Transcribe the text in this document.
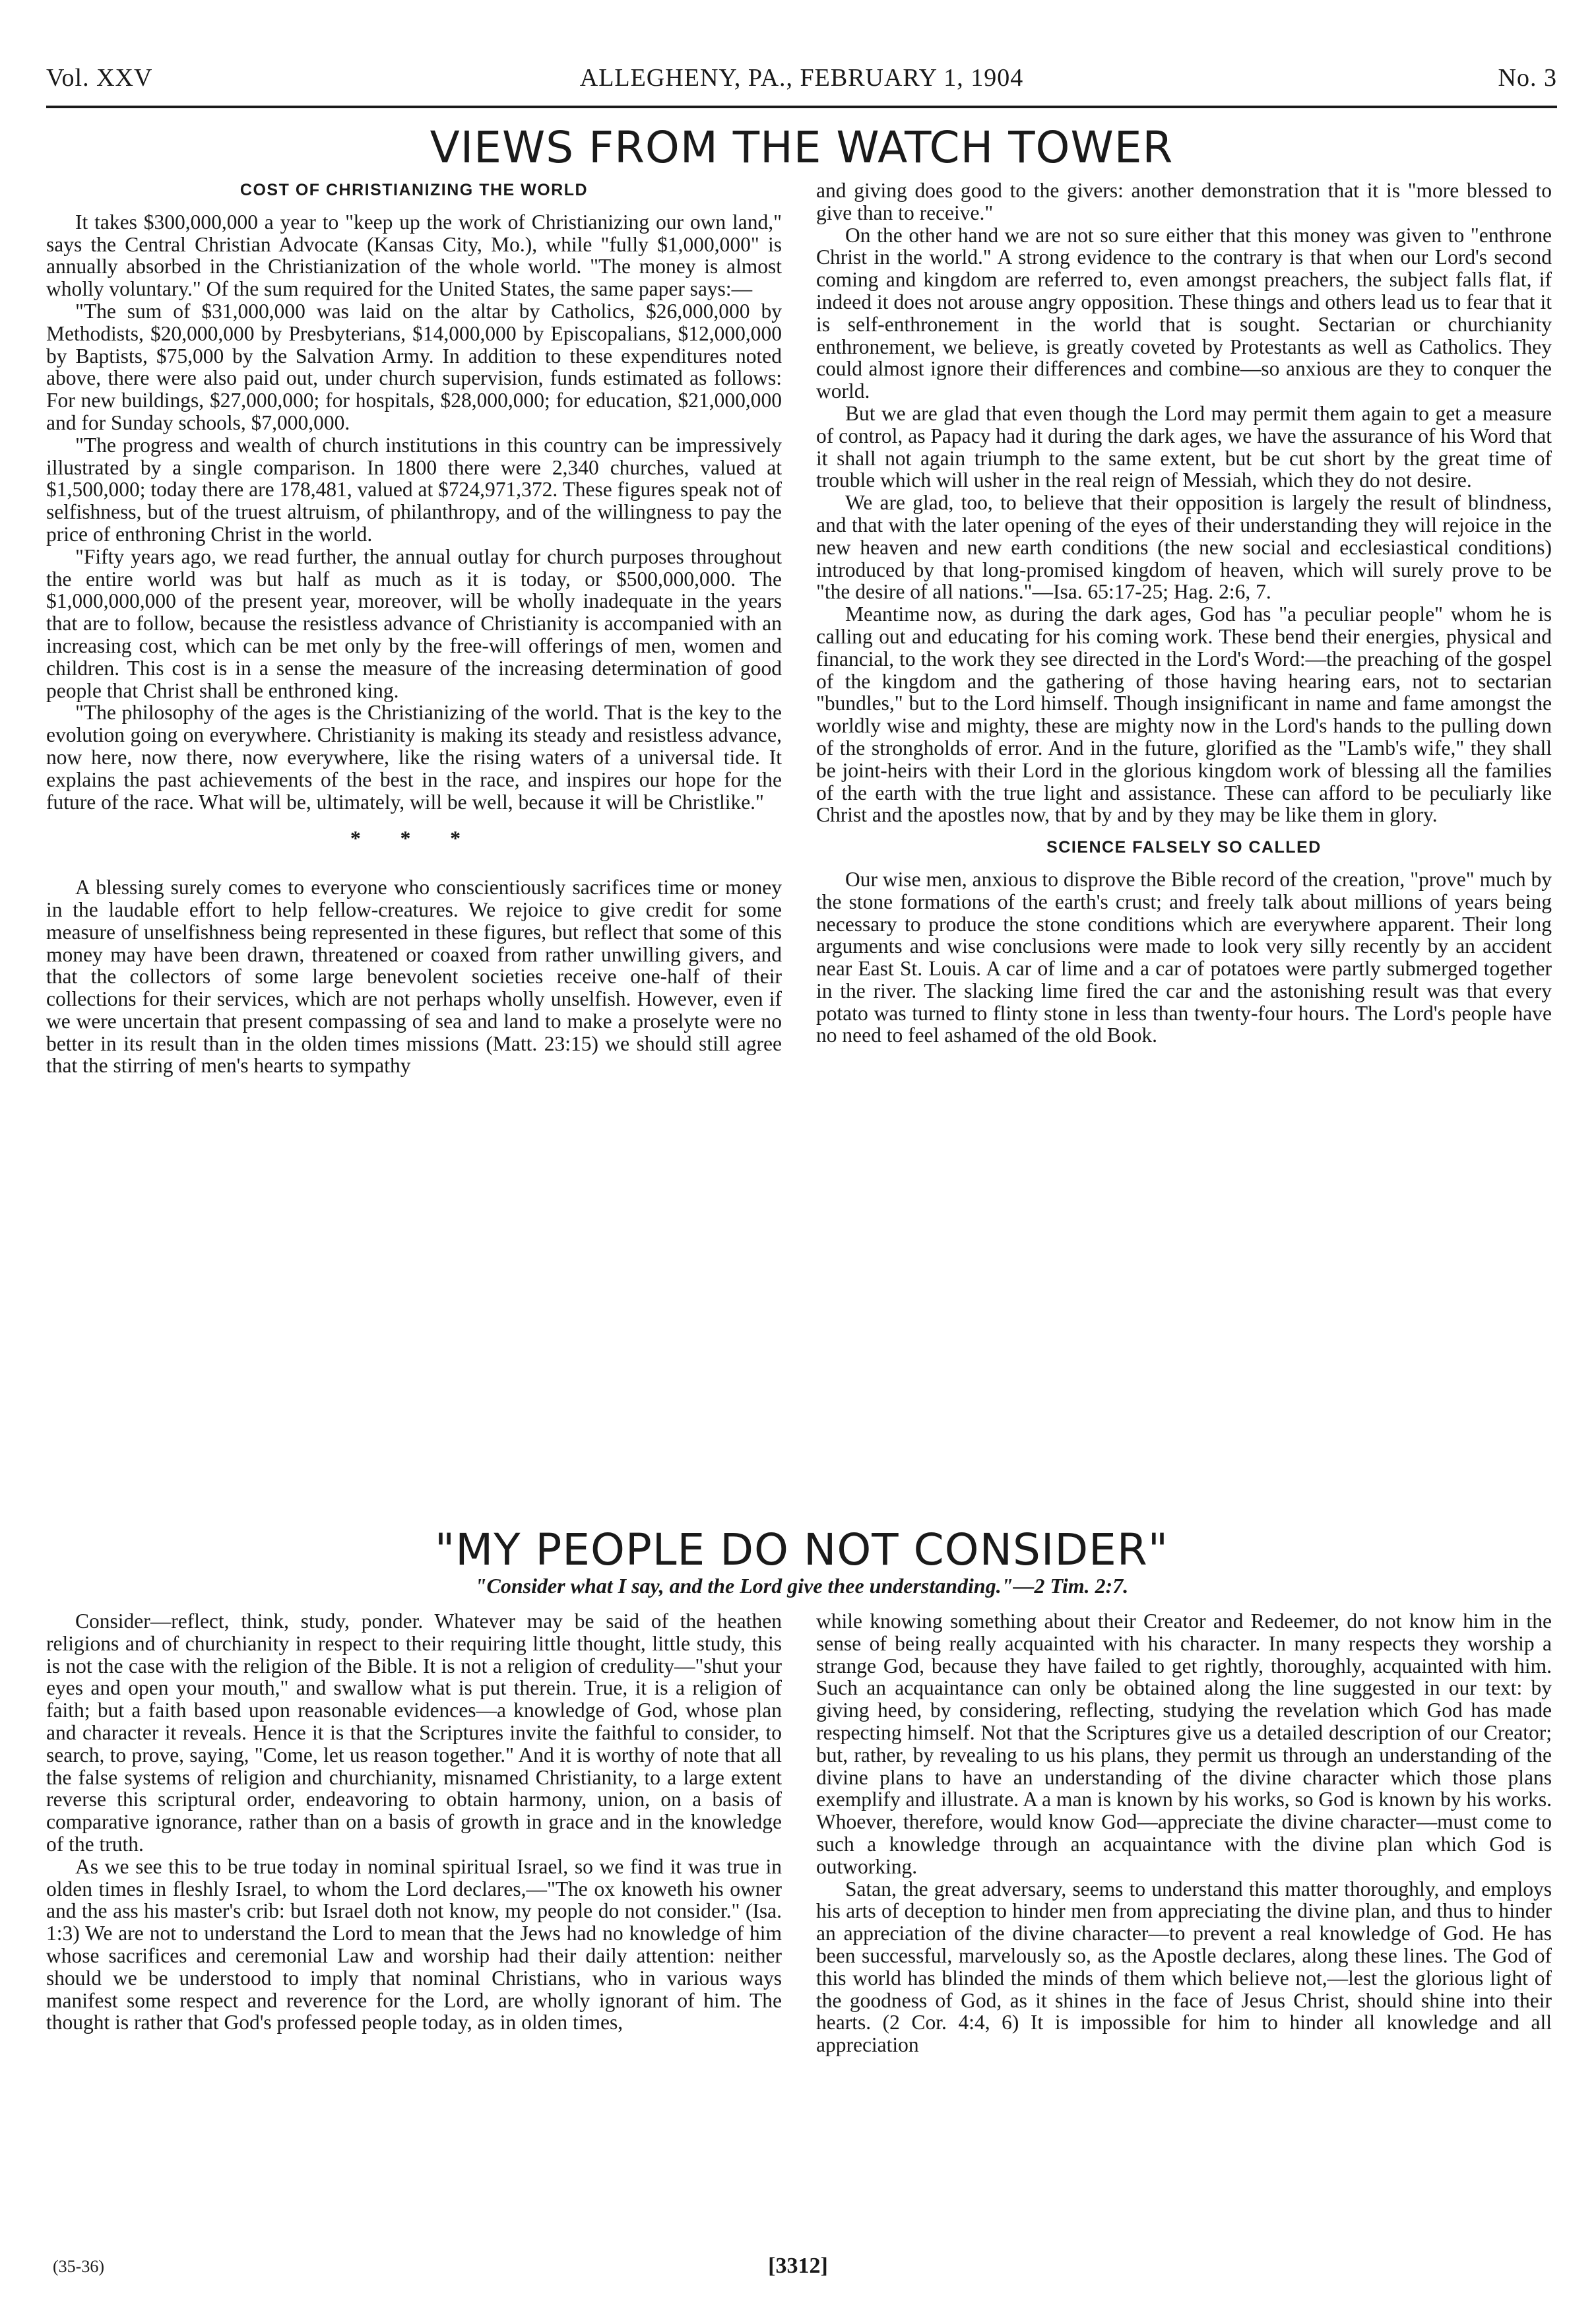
Vol. XXV	ALLEGHENY, PA., FEBRUARY 1, 1904	No. 3
VIEWS FROM THE WATCH TOWER
COST OF CHRISTIANIZING THE WORLD

It takes $300,000,000 a year to "keep up the work of Christianizing our own land," says the Central Christian Advocate (Kansas City, Mo.), while "fully $1,000,000" is annually absorbed in the Christianization of the whole world. "The money is almost wholly voluntary." Of the sum required for the United States, the same paper says:—

"The sum of $31,000,000 was laid on the altar by Catholics, $26,000,000 by Methodists, $20,000,000 by Presbyterians, $14,000,000 by Episcopalians, $12,000,000 by Baptists, $75,000 by the Salvation Army. In addition to these expenditures noted above, there were also paid out, under church supervision, funds estimated as follows: For new buildings, $27,000,000; for hospitals, $28,000,000; for education, $21,000,000 and for Sunday schools, $7,000,000.

"The progress and wealth of church institutions in this country can be impressively illustrated by a single comparison. In 1800 there were 2,340 churches, valued at $1,500,000; today there are 178,481, valued at $724,971,372. These figures speak not of selfishness, but of the truest altruism, of philanthropy, and of the willingness to pay the price of enthroning Christ in the world.

"Fifty years ago, we read further, the annual outlay for church purposes throughout the entire world was but half as much as it is today, or $500,000,000. The $1,000,000,000 of the present year, moreover, will be wholly inadequate in the years that are to follow, because the resistless advance of Christianity is accompanied with an increasing cost, which can be met only by the free-will offerings of men, women and children. This cost is in a sense the measure of the increasing determination of good people that Christ shall be enthroned king.

"The philosophy of the ages is the Christianizing of the world. That is the key to the evolution going on everywhere. Christianity is making its steady and resistless advance, now here, now there, now everywhere, like the rising waters of a universal tide. It explains the past achievements of the best in the race, and inspires our hope for the future of the race. What will be, ultimately, will be well, because it will be Christlike."

* * *

A blessing surely comes to everyone who conscientiously sacrifices time or money in the laudable effort to help fellow-creatures. We rejoice to give credit for some measure of unselfishness being represented in these figures, but reflect that some of this money may have been drawn, threatened or coaxed from rather unwilling givers, and that the collectors of some large benevolent societies receive one-half of their collections for their services, which are not perhaps wholly unselfish. However, even if we were uncertain that present compassing of sea and land to make a proselyte were no better in its result than in the olden times missions (Matt. 23:15) we should still agree that the stirring of men's hearts to sympathy

and giving does good to the givers: another demonstration that it is "more blessed to give than to receive."

On the other hand we are not so sure either that this money was given to "enthrone Christ in the world." A strong evidence to the contrary is that when our Lord's second coming and kingdom are referred to, even amongst preachers, the subject falls flat, if indeed it does not arouse angry opposition. These things and others lead us to fear that it is self-enthronement in the world that is sought. Sectarian or churchianity enthronement, we believe, is greatly coveted by Protestants as well as Catholics. They could almost ignore their differences and combine—so anxious are they to conquer the world.

But we are glad that even though the Lord may permit them again to get a measure of control, as Papacy had it during the dark ages, we have the assurance of his Word that it shall not again triumph to the same extent, but be cut short by the great time of trouble which will usher in the real reign of Messiah, which they do not desire.

We are glad, too, to believe that their opposition is largely the result of blindness, and that with the later opening of the eyes of their understanding they will rejoice in the new heaven and new earth conditions (the new social and ecclesiastical conditions) introduced by that long-promised kingdom of heaven, which will surely prove to be "the desire of all nations."—Isa. 65:17-25; Hag. 2:6, 7.

Meantime now, as during the dark ages, God has "a peculiar people" whom he is calling out and educating for his coming work. These bend their energies, physical and financial, to the work they see directed in the Lord's Word:—the preaching of the gospel of the kingdom and the gathering of those having hearing ears, not to sectarian "bundles," but to the Lord himself. Though insignificant in name and fame amongst the worldly wise and mighty, these are mighty now in the Lord's hands to the pulling down of the strongholds of error. And in the future, glorified as the "Lamb's wife," they shall be joint-heirs with their Lord in the glorious kingdom work of blessing all the families of the earth with the true light and assistance. These can afford to be peculiarly like Christ and the apostles now, that by and by they may be like them in glory.

SCIENCE FALSELY SO CALLED

Our wise men, anxious to disprove the Bible record of the creation, "prove" much by the stone formations of the earth's crust; and freely talk about millions of years being necessary to produce the stone conditions which are everywhere apparent. Their long arguments and wise conclusions were made to look very silly recently by an accident near East St. Louis. A car of lime and a car of potatoes were partly submerged together in the river. The slacking lime fired the car and the astonishing result was that every potato was turned to flinty stone in less than twenty-four hours. The Lord's people have no need to feel ashamed of the old Book.

"MY PEOPLE DO NOT CONSIDER"
"Consider what I say, and the Lord give thee understanding."—2 Tim. 2:7.

Consider—reflect, think, study, ponder. Whatever may be said of the heathen religions and of churchianity in respect to their requiring little thought, little study, this is not the case with the religion of the Bible. It is not a religion of credulity—"shut your eyes and open your mouth," and swallow what is put therein. True, it is a religion of faith; but a faith based upon reasonable evidences—a knowledge of God, whose plan and character it reveals. Hence it is that the Scriptures invite the faithful to consider, to search, to prove, saying, "Come, let us reason together." And it is worthy of note that all the false systems of religion and churchianity, misnamed Christianity, to a large extent reverse this scriptural order, endeavoring to obtain harmony, union, on a basis of comparative ignorance, rather than on a basis of growth in grace and in the knowledge of the truth.

As we see this to be true today in nominal spiritual Israel, so we find it was true in olden times in fleshly Israel, to whom the Lord declares,—"The ox knoweth his owner and the ass his master's crib: but Israel doth not know, my people do not consider." (Isa. 1:3) We are not to understand the Lord to mean that the Jews had no knowledge of him whose sacrifices and ceremonial Law and worship had their daily attention: neither should we be understood to imply that nominal Christians, who in various ways manifest some respect and reverence for the Lord, are wholly ignorant of him. The thought is rather that God's professed people today, as in olden times,

while knowing something about their Creator and Redeemer, do not know him in the sense of being really acquainted with his character. In many respects they worship a strange God, because they have failed to get rightly, thoroughly, acquainted with him. Such an acquaintance can only be obtained along the line suggested in our text: by giving heed, by considering, reflecting, studying the revelation which God has made respecting himself. Not that the Scriptures give us a detailed description of our Creator; but, rather, by revealing to us his plans, they permit us through an understanding of the divine plans to have an understanding of the divine character which those plans exemplify and illustrate. A a man is known by his works, so God is known by his works. Whoever, therefore, would know God—appreciate the divine character—must come to such a knowledge through an acquaintance with the divine plan which God is outworking.

Satan, the great adversary, seems to understand this matter thoroughly, and employs his arts of deception to hinder men from appreciating the divine plan, and thus to hinder an appreciation of the divine character—to prevent a real knowledge of God. He has been successful, marvelously so, as the Apostle declares, along these lines. The God of this world has blinded the minds of them which believe not,—lest the glorious light of the goodness of God, as it shines in the face of Jesus Christ, should shine into their hearts. (2 Cor. 4:4, 6) It is impossible for him to hinder all knowledge and all appreciation

(35-36)	[3312]
